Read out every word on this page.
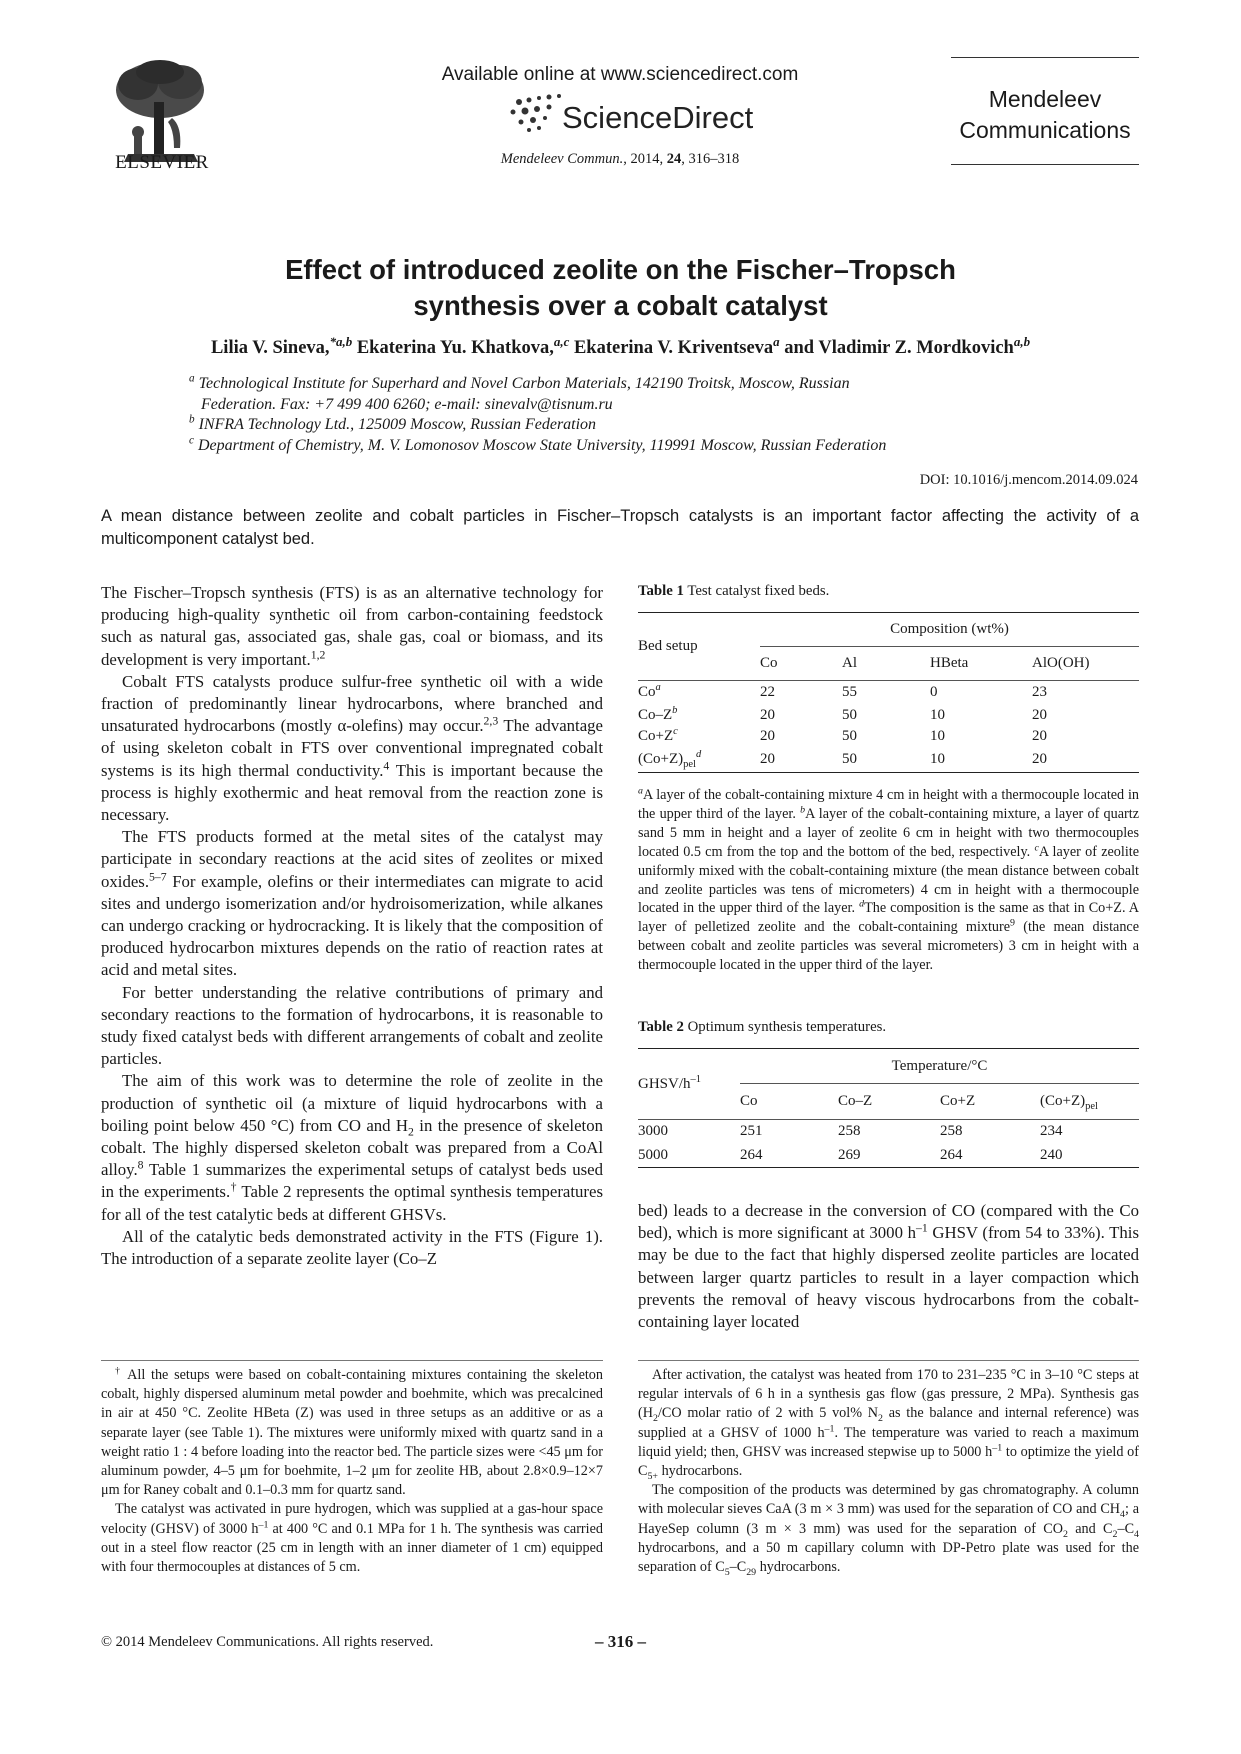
ELSEVIER
Available online at www.sciencedirect.com
ScienceDirect
Mendeleev Commun., 2014, 24, 316–318
Mendeleev
Communications
Effect of introduced zeolite on the Fischer–Tropsch
synthesis over a cobalt catalyst
Lilia V. Sineva,$^{*a,b}$ Ekaterina Yu. Khatkova,$^{a,c}$ Ekaterina V. Kriventseva$^a$ and Vladimir Z. Mordkovich$^{a,b}$
$^a$ Technological Institute for Superhard and Novel Carbon Materials, 142190 Troitsk, Moscow, Russian
Federation. Fax: +7 499 400 6260; e-mail: sinevalv@tisnum.ru
$^b$ INFRA Technology Ltd., 125009 Moscow, Russian Federation
$^c$ Department of Chemistry, M. V. Lomonosov Moscow State University, 119991 Moscow, Russian Federation
DOI: 10.1016/j.mencom.2014.09.024
A mean distance between zeolite and cobalt particles in Fischer–Tropsch catalysts is an important factor affecting the activity of a multicomponent catalyst bed.

The Fischer–Tropsch synthesis (FTS) is as an alternative technology for producing high-quality synthetic oil from carbon-containing feedstock such as natural gas, associated gas, shale gas, coal or biomass, and its development is very important.$^{1,2}$

Cobalt FTS catalysts produce sulfur-free synthetic oil with a wide fraction of predominantly linear hydrocarbons, where branched and unsaturated hydrocarbons (mostly α-olefins) may occur.$^{2,3}$ The advantage of using skeleton cobalt in FTS over conventional impregnated cobalt systems is its high thermal conductivity.$^4$ This is important because the process is highly exothermic and heat removal from the reaction zone is necessary.

The FTS products formed at the metal sites of the catalyst may participate in secondary reactions at the acid sites of zeolites or mixed oxides.$^{5-7}$ For example, olefins or their intermediates can migrate to acid sites and undergo isomerization and/or hydroisomerization, while alkanes can undergo cracking or hydrocracking. It is likely that the composition of produced hydrocarbon mixtures depends on the ratio of reaction rates at acid and metal sites.

For better understanding the relative contributions of primary and secondary reactions to the formation of hydrocarbons, it is reasonable to study fixed catalyst beds with different arrangements of cobalt and zeolite particles.

The aim of this work was to determine the role of zeolite in the production of synthetic oil (a mixture of liquid hydrocarbons with a boiling point below 450 °C) from CO and $H_2$ in the presence of skeleton cobalt. The highly dispersed skeleton cobalt was prepared from a CoAl alloy.$^8$ Table 1 summarizes the experimental setups of catalyst beds used in the experiments.† Table 2 represents the optimal synthesis temperatures for all of the test catalytic beds at different GHSVs.

All of the catalytic beds demonstrated activity in the FTS (Figure 1). The introduction of a separate zeolite layer (Co–Z

† All the setups were based on cobalt-containing mixtures containing the skeleton cobalt, highly dispersed aluminum metal powder and boehmite, which was precalcined in air at 450 °C. Zeolite HBeta (Z) was used in three setups as an additive or as a separate layer (see Table 1). The mixtures were uniformly mixed with quartz sand in a weight ratio 1 : 4 before loading into the reactor bed. The particle sizes were <45 μm for aluminum powder, 4–5 μm for boehmite, 1–2 μm for zeolite HB, about 2.8×0.9–12×7 μm for Raney cobalt and 0.1–0.3 mm for quartz sand.

The catalyst was activated in pure hydrogen, which was supplied at a gas-hour space velocity (GHSV) of 3000 $h^{-1}$ at 400 °C and 0.1 MPa for 1 h. The synthesis was carried out in a steel flow reactor (25 cm in length with an inner diameter of 1 cm) equipped with four thermocouples at distances of 5 cm.

Table 1 Test catalyst fixed beds.
Bed setup	Composition (wt%)			
	Co	Al	HBeta	AlO(OH)
Co$^a$	22	55	0	23
$Co-Z^b$	20	50	10	20
$Co+Z^c$	20	50	10	20
$(Co+Z)_{pel}^d$	20	50	10	20
$^a$A layer of the cobalt-containing mixture 4 cm in height with a thermocouple located in the upper third of the layer. $^b$A layer of the cobalt-containing mixture, a layer of quartz sand 5 mm in height and a layer of zeolite 6 cm in height with two thermocouples located 0.5 cm from the top and the bottom of the bed, respectively. $^c$A layer of zeolite uniformly mixed with the cobalt-containing mixture (the mean distance between cobalt and zeolite particles was tens of micrometers) 4 cm in height with a thermocouple located in the upper third of the layer. $^d$The composition is the same as that in Co+Z. A layer of pelletized zeolite and the cobalt-containing mixture$^9$ (the mean distance between cobalt and zeolite particles was several micrometers) 3 cm in height with a thermocouple located in the upper third of the layer.
Table 2 Optimum synthesis temperatures.
GHSV/$h^{-1}$	Temperature/°C			
	Co	Co–Z	Co+Z	$(Co+Z)_{pel}$
3000	251	258	258	234
5000	264	269	264	240

bed) leads to a decrease in the conversion of CO (compared with the Co bed), which is more significant at 3000 $h^{-1}$ GHSV (from 54 to 33%). This may be due to the fact that highly dispersed zeolite particles are located between larger quartz particles to result in a layer compaction which prevents the removal of heavy viscous hydrocarbons from the cobalt-containing layer located

After activation, the catalyst was heated from 170 to 231–235 °C in 3–10 °C steps at regular intervals of 6 h in a synthesis gas flow (gas pressure, 2 MPa). Synthesis gas ($H_2/CO$ molar ratio of 2 with 5 vol% $N_2$ as the balance and internal reference) was supplied at a GHSV of 1000 $h^{-1}$. The temperature was varied to reach a maximum liquid yield; then, GHSV was increased stepwise up to 5000 $h^{-1}$ to optimize the yield of $C_{5+}$ hydrocarbons.

The composition of the products was determined by gas chromatography. A column with molecular sieves CaA (3 m × 3 mm) was used for the separation of CO and $CH_4$; a HayeSep column (3 m × 3 mm) was used for the separation of $CO_2$ and $C_2-C_4$ hydrocarbons, and a 50 m capillary column with DP-Petro plate was used for the separation of $C_5-C_{29}$ hydrocarbons.

© 2014 Mendeleev Communications. All rights reserved.	– 316 –
